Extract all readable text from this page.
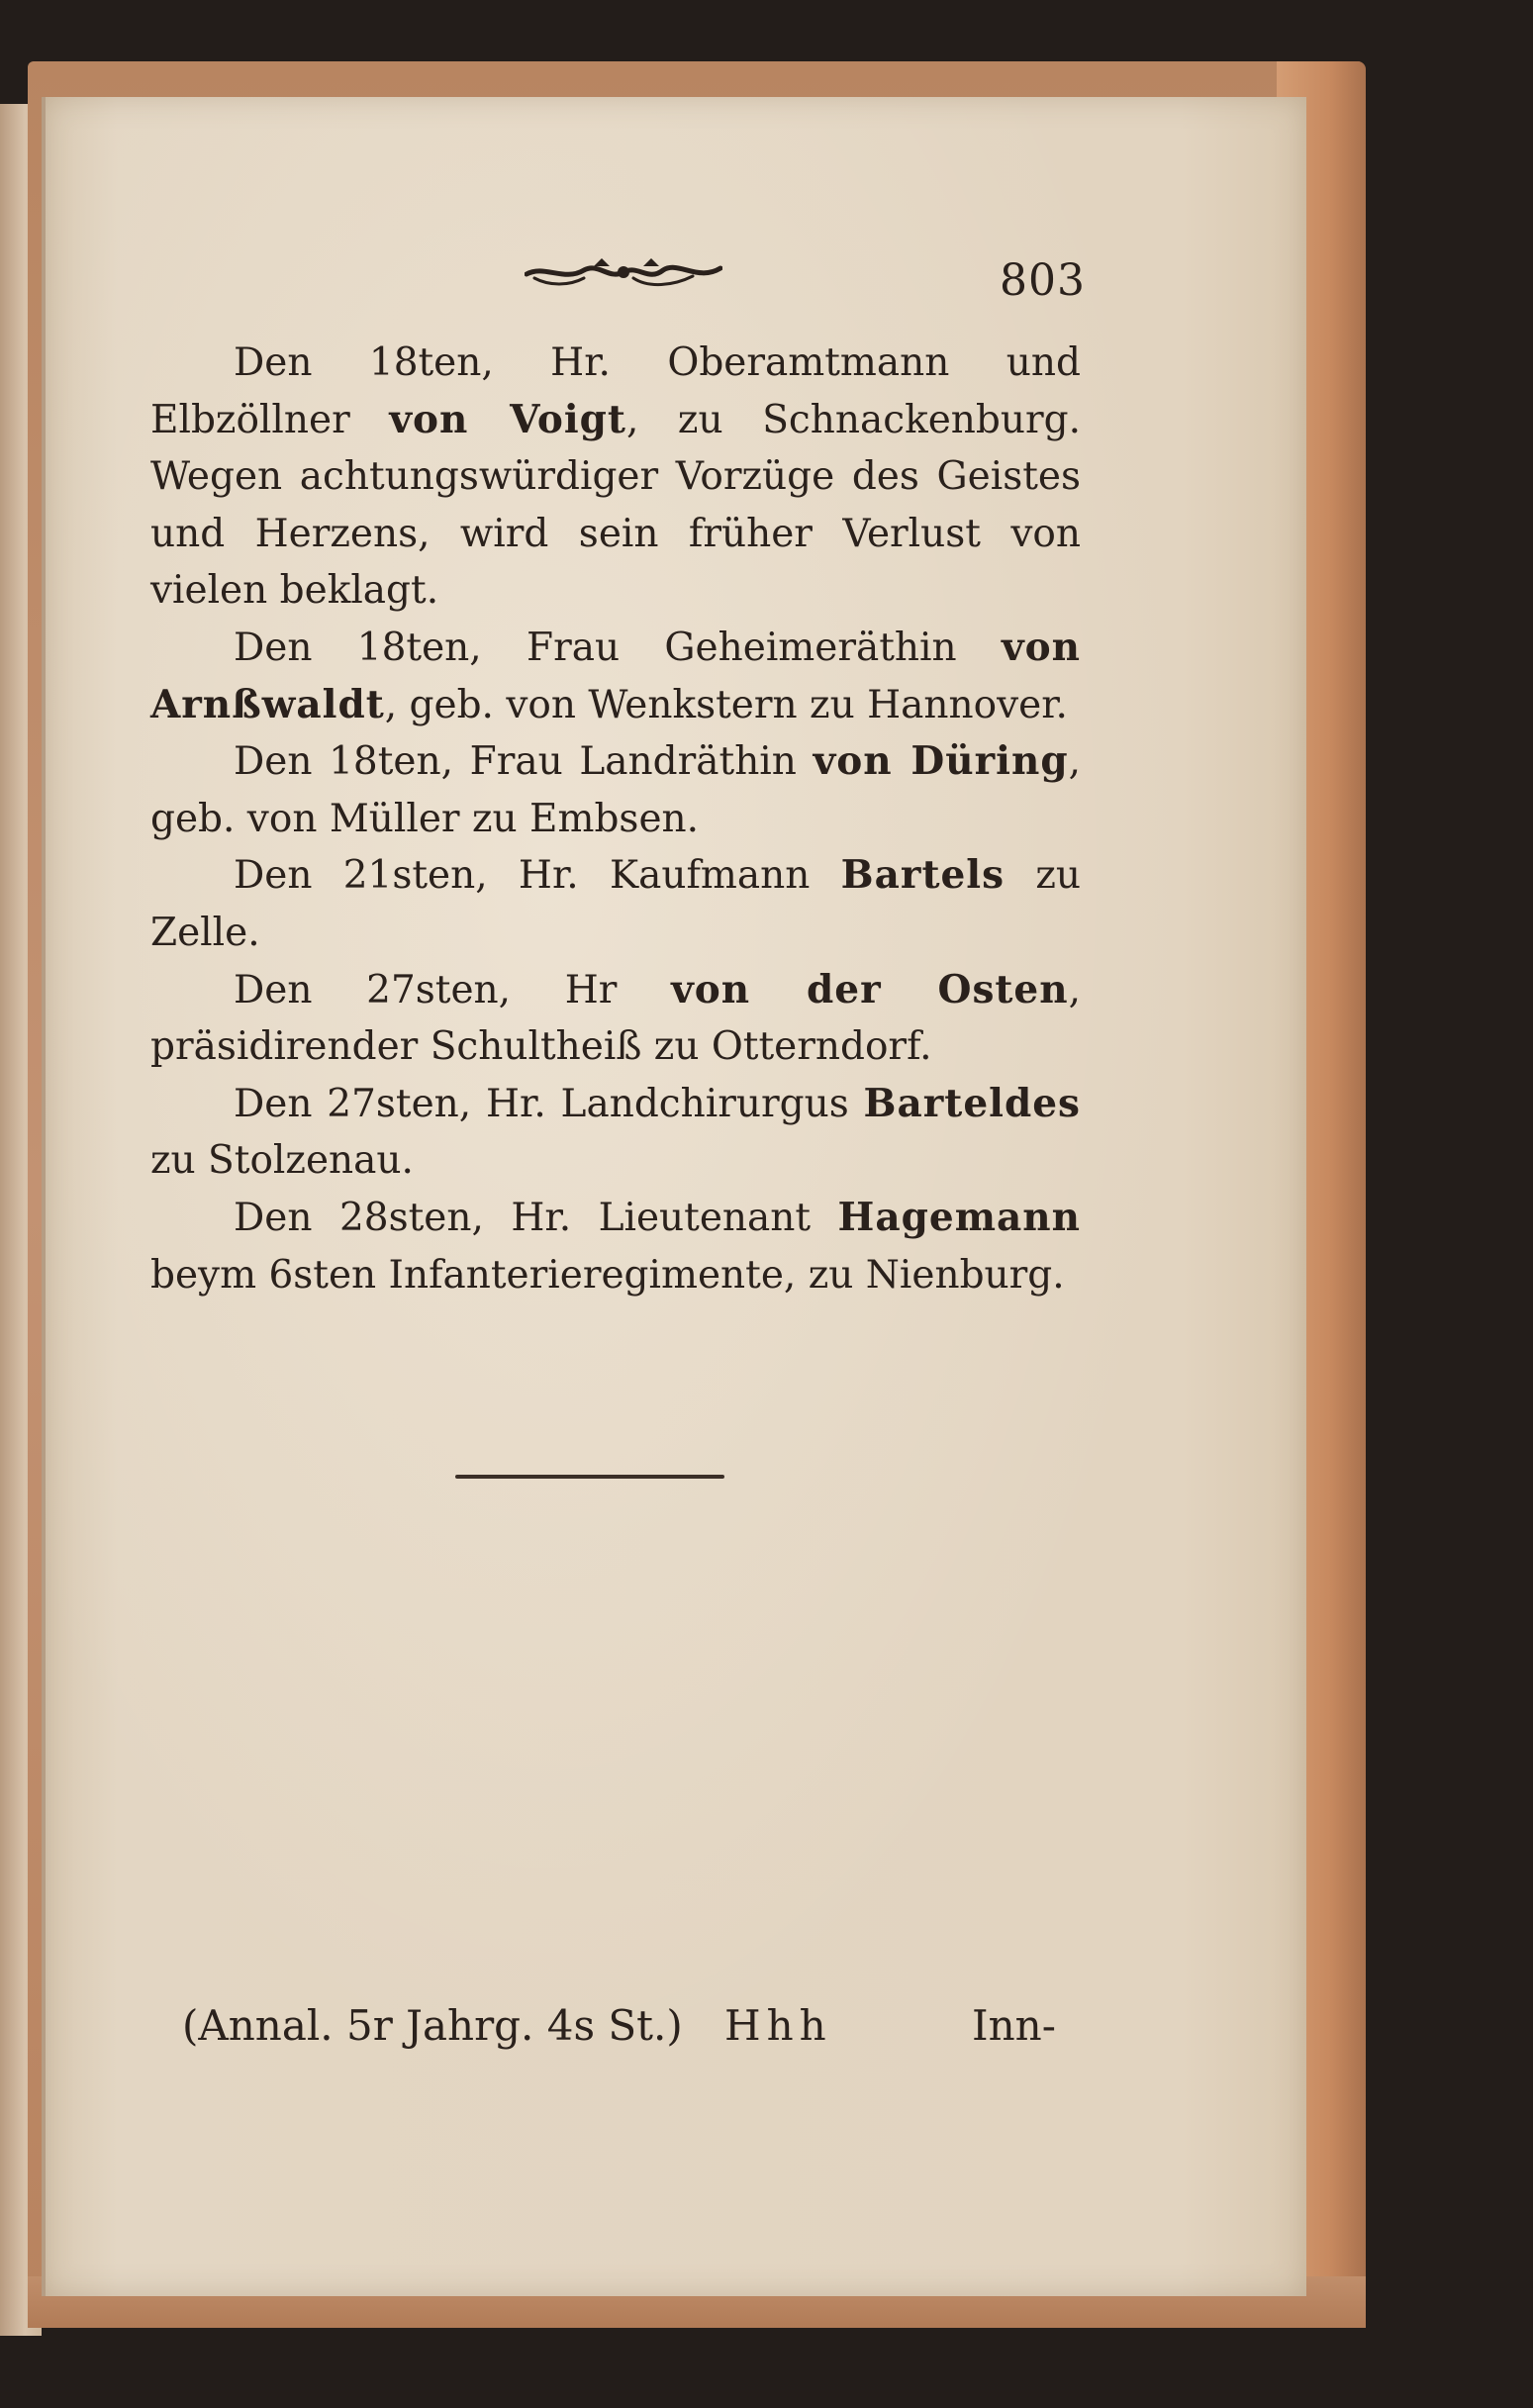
803

Den 18ten, Hr. Oberamtmann und Elbzöllner von Voigt, zu Schnackenburg. Wegen achtungswürdiger Vorzüge des Geistes und Herzens, wird sein früher Verlust von vielen beklagt.

Den 18ten, Frau Geheimeräthin von Arnßwaldt, geb. von Wenkstern zu Hannover.

Den 18ten, Frau Landräthin von Düring, geb. von Müller zu Embsen.

Den 21sten, Hr. Kaufmann Bartels zu Zelle.

Den 27sten, Hr von der Osten, präsidirender Schultheiß zu Otterndorf.

Den 27sten, Hr. Landchirurgus Barteldes zu Stolzenau.

Den 28sten, Hr. Lieutenant Hagemann beym 6sten Infanterieregimente, zu Nienburg.

(Annal. 5r Jahrg. 4s St.) Hhh	Inn-
